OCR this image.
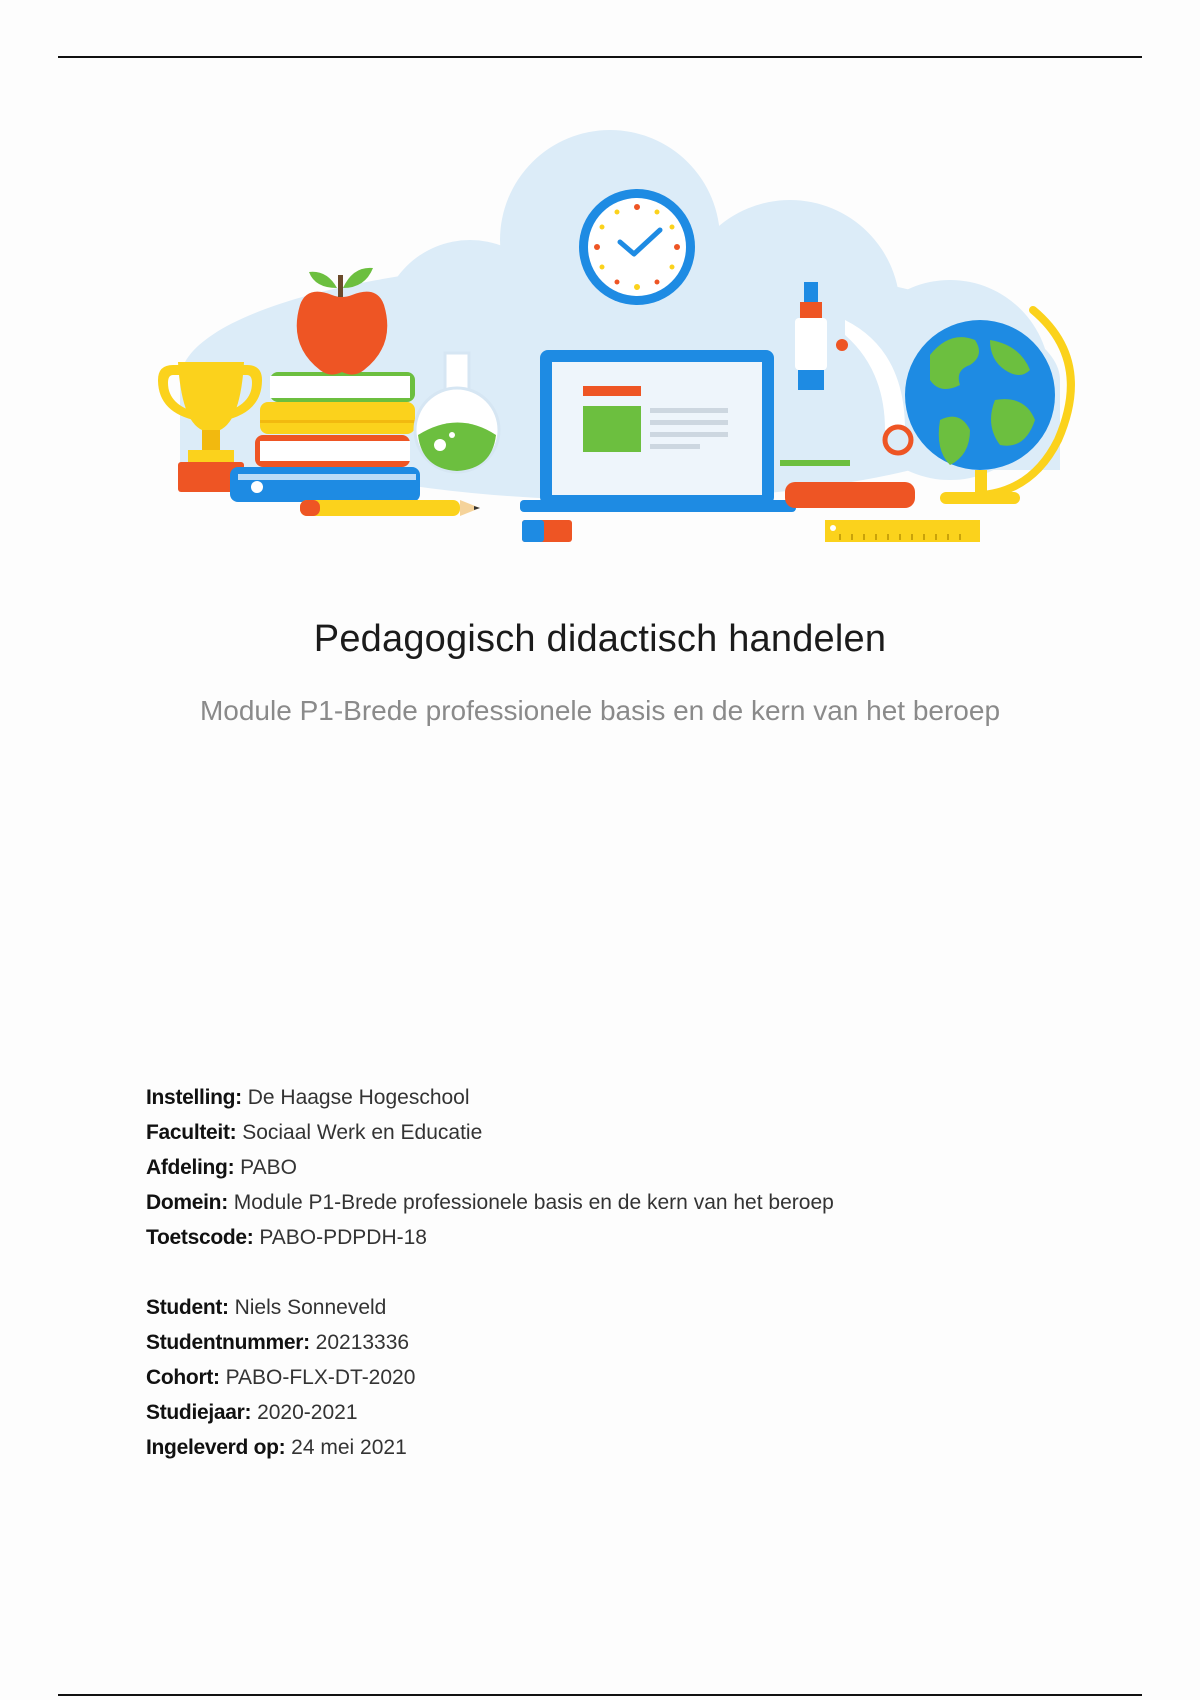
Pedagogisch didactisch handelen
Module P1-Brede professionele basis en de kern van het beroep
Instelling: De Haagse Hogeschool
Faculteit: Sociaal Werk en Educatie
Afdeling: PABO
Domein: Module P1-Brede professionele basis en de kern van het beroep
Toetscode: PABO-PDPDH-18
Student: Niels Sonneveld
Studentnummer: 20213336
Cohort: PABO-FLX-DT-2020
Studiejaar: 2020-2021
Ingeleverd op: 24 mei 2021
